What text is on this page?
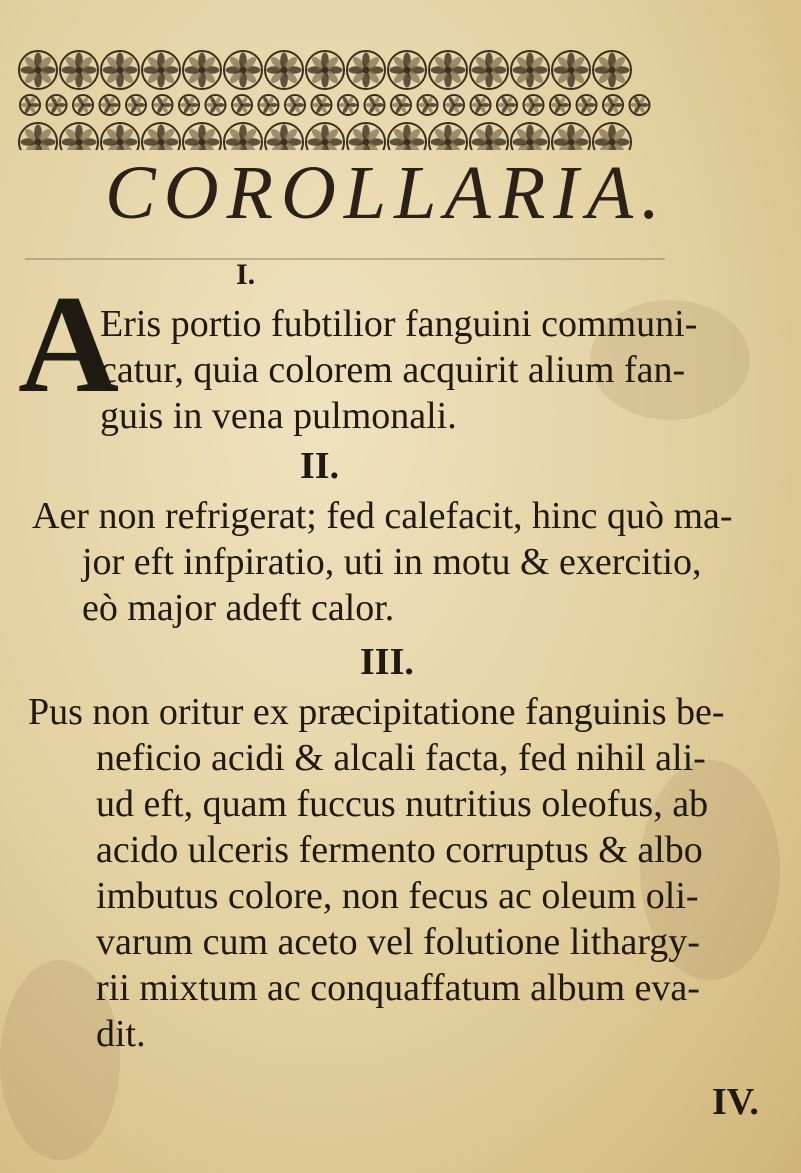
COROLLARIA.
I.
A
Eris portio fubtilior fanguini communi-
catur, quia colorem acquirit alium fan-
guis in vena pulmonali.
II.
Aer non refrigerat; fed calefacit, hinc quò ma-
jor eft infpiratio, uti in motu & exercitio,
eò major adeft calor.
III.
Pus non oritur ex præcipitatione fanguinis be-
neficio acidi & alcali facta, fed nihil ali-
ud eft, quam fuccus nutritius oleofus, ab
acido ulceris fermento corruptus & albo
imbutus colore, non fecus ac oleum oli-
varum cum aceto vel folutione lithargy-
rii mixtum ac conquaffatum album eva-
dit.
IV.
